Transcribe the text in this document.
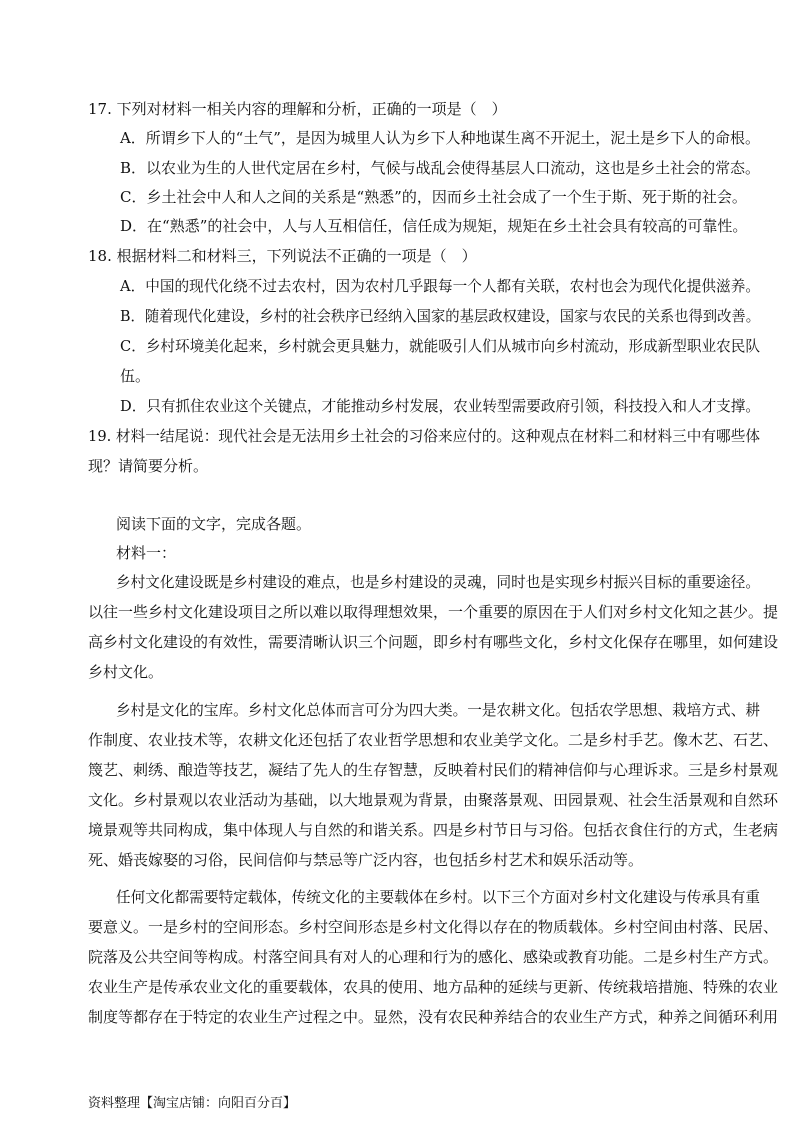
17. 下列对材料一相关内容的理解和分析，正确的一项是（　）
A．所谓乡下人的“土气”，是因为城里人认为乡下人种地谋生离不开泥土，泥土是乡下人的命根。
B．以农业为生的人世代定居在乡村，气候与战乱会使得基层人口流动，这也是乡土社会的常态。
C．乡土社会中人和人之间的关系是“熟悉”的，因而乡土社会成了一个生于斯、死于斯的社会。
D．在“熟悉”的社会中，人与人互相信任，信任成为规矩，规矩在乡土社会具有较高的可靠性。
18. 根据材料二和材料三，下列说法不正确的一项是（　）
A．中国的现代化绕不过去农村，因为农村几乎跟每一个人都有关联，农村也会为现代化提供滋养。
B．随着现代化建设，乡村的社会秩序已经纳入国家的基层政权建设，国家与农民的关系也得到改善。
C．乡村环境美化起来，乡村就会更具魅力，就能吸引人们从城市向乡村流动，形成新型职业农民队
伍。
D．只有抓住农业这个关键点，才能推动乡村发展，农业转型需要政府引领，科技投入和人才支撑。
19. 材料一结尾说：现代社会是无法用乡土社会的习俗来应付的。这种观点在材料二和材料三中有哪些体
现？请简要分析。
阅读下面的文字，完成各题。
材料一：
乡村文化建设既是乡村建设的难点，也是乡村建设的灵魂，同时也是实现乡村振兴目标的重要途径。
以往一些乡村文化建设项目之所以难以取得理想效果，一个重要的原因在于人们对乡村文化知之甚少。提
高乡村文化建设的有效性，需要清晰认识三个问题，即乡村有哪些文化，乡村文化保存在哪里，如何建设
乡村文化。
乡村是文化的宝库。乡村文化总体而言可分为四大类。一是农耕文化。包括农学思想、栽培方式、耕
作制度、农业技术等，农耕文化还包括了农业哲学思想和农业美学文化。二是乡村手艺。像木艺、石艺、
篾艺、刺绣、酿造等技艺，凝结了先人的生存智慧，反映着村民们的精神信仰与心理诉求。三是乡村景观
文化。乡村景观以农业活动为基础，以大地景观为背景，由聚落景观、田园景观、社会生活景观和自然环
境景观等共同构成，集中体现人与自然的和谐关系。四是乡村节日与习俗。包括衣食住行的方式，生老病
死、婚丧嫁娶的习俗，民间信仰与禁忌等广泛内容，也包括乡村艺术和娱乐活动等。
任何文化都需要特定载体，传统文化的主要载体在乡村。以下三个方面对乡村文化建设与传承具有重
要意义。一是乡村的空间形态。乡村空间形态是乡村文化得以存在的物质载体。乡村空间由村落、民居、
院落及公共空间等构成。村落空间具有对人的心理和行为的感化、感染或教育功能。二是乡村生产方式。
农业生产是传承农业文化的重要载体，农具的使用、地方品种的延续与更新、传统栽培措施、特殊的农业
制度等都存在于特定的农业生产过程之中。显然，没有农民种养结合的农业生产方式，种养之间循环利用
资料整理【淘宝店铺：向阳百分百】
